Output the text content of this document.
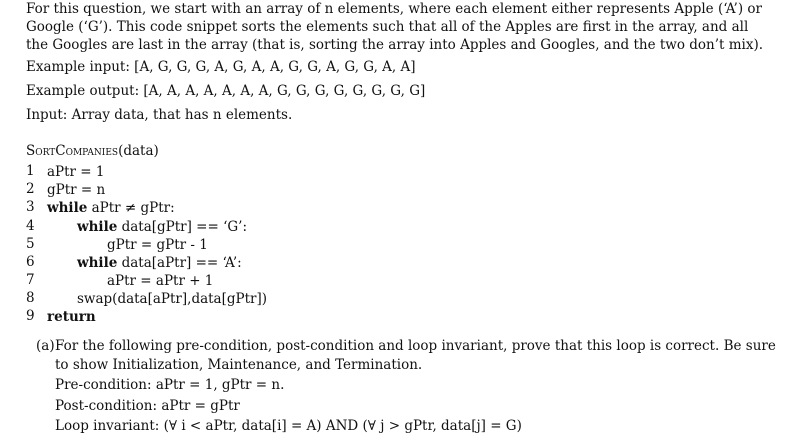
For this question, we start with an array of n elements, where each element either represents Apple (‘A’) or Google (‘G’). This code snippet sorts the elements such that all of the Apples are first in the array, and all the Googles are last in the array (that is, sorting the array into Apples and Googles, and the two don’t mix).
Example input: [A, G, G, G, A, G, A, A, G, G, A, G, G, A, A]
Example output: [A, A, A, A, A, A, A, G, G, G, G, G, G, G, G]
Input: Array data, that has n elements.
SortCompanies(data)
1 aPtr = 1
2 gPtr = n
3 while aPtr ≠ gPtr:
4	while data[gPtr] == ‘G’:
5	gPtr = gPtr - 1
6	while data[aPtr] == ‘A’:
7	aPtr = aPtr + 1
8	swap(data[aPtr],data[gPtr])
9 return
(a) For the following pre-condition, post-condition and loop invariant, prove that this loop is correct. Be sure to show Initialization, Maintenance, and Termination.
Pre-condition: aPtr = 1, gPtr = n.
Post-condition: aPtr = gPtr
Loop invariant: (∀ i < aPtr, data[i] = A) AND (∀ j > gPtr, data[j] = G)
